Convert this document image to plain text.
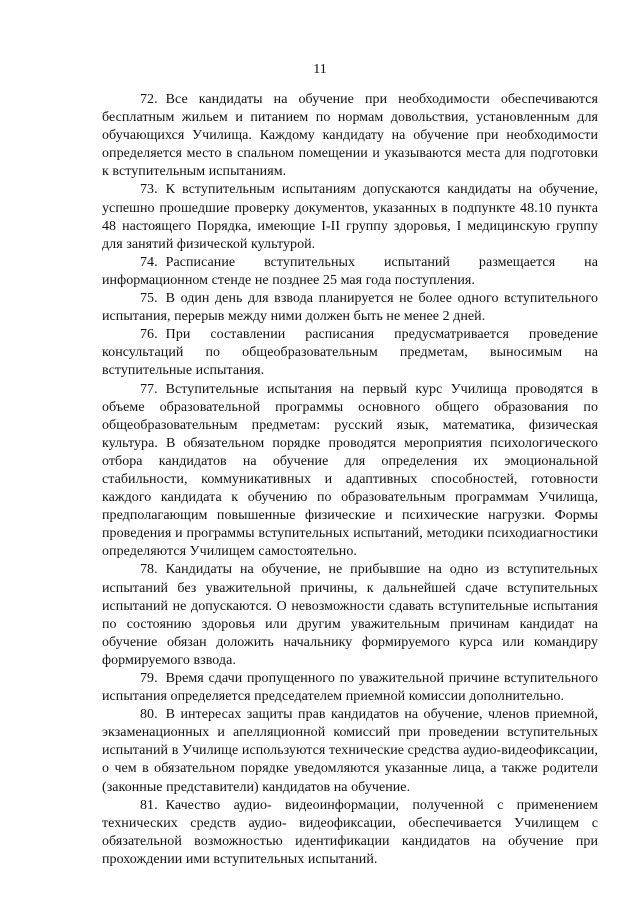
11

72. Все кандидаты на обучение при необходимости обеспечиваются бесплатным жильем и питанием по нормам довольствия, установленным для обучающихся Училища. Каждому кандидату на обучение при необходимости определяется место в спальном помещении и указываются места для подготовки к вступительным испытаниям.

73. К вступительным испытаниям допускаются кандидаты на обучение, успешно прошедшие проверку документов, указанных в подпункте 48.10 пункта 48 настоящего Порядка, имеющие I-II группу здоровья, I медицинскую группу для занятий физической культурой.

74. Расписание вступительных испытаний размещается на информационном стенде не позднее 25 мая года поступления.

75. В один день для взвода планируется не более одного вступительного испытания, перерыв между ними должен быть не менее 2 дней.

76. При составлении расписания предусматривается проведение консультаций по общеобразовательным предметам, выносимым на вступительные испытания.

77. Вступительные испытания на первый курс Училища проводятся в объеме образовательной программы основного общего образования по общеобразовательным предметам: русский язык, математика, физическая культура. В обязательном порядке проводятся мероприятия психологического отбора кандидатов на обучение для определения их эмоциональной стабильности, коммуникативных и адаптивных способностей, готовности каждого кандидата к обучению по образовательным программам Училища, предполагающим повышенные физические и психические нагрузки. Формы проведения и программы вступительных испытаний, методики психодиагностики определяются Училищем самостоятельно.

78. Кандидаты на обучение, не прибывшие на одно из вступительных испытаний без уважительной причины, к дальнейшей сдаче вступительных испытаний не допускаются. О невозможности сдавать вступительные испытания по состоянию здоровья или другим уважительным причинам кандидат на обучение обязан доложить начальнику формируемого курса или командиру формируемого взвода.

79. Время сдачи пропущенного по уважительной причине вступительного испытания определяется председателем приемной комиссии дополнительно.

80. В интересах защиты прав кандидатов на обучение, членов приемной, экзаменационных и апелляционной комиссий при проведении вступительных испытаний в Училище используются технические средства аудио-видеофиксации, о чем в обязательном порядке уведомляются указанные лица, а также родители (законные представители) кандидатов на обучение.

81. Качество аудио- видеоинформации, полученной с применением технических средств аудио- видеофиксации, обеспечивается Училищем с обязательной возможностью идентификации кандидатов на обучение при прохождении ими вступительных испытаний.
